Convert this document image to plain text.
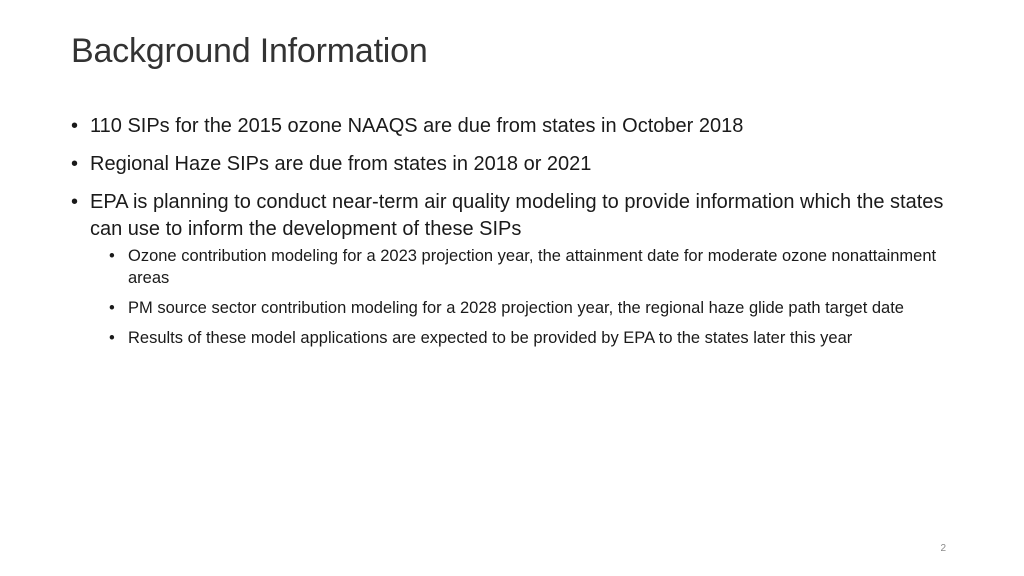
Background Information
• 110 SIPs for the 2015 ozone NAAQS are due from states in October 2018
• Regional Haze SIPs are due from states in 2018 or 2021
• EPA is planning to conduct near-term air quality modeling to provide information which the states can use to inform the development of these SIPs
• Ozone contribution modeling for a 2023 projection year, the attainment date for moderate ozone nonattainment areas
• PM source sector contribution modeling for a 2028 projection year, the regional haze glide path target date
• Results of these model applications are expected to be provided by EPA to the states later this year
2
